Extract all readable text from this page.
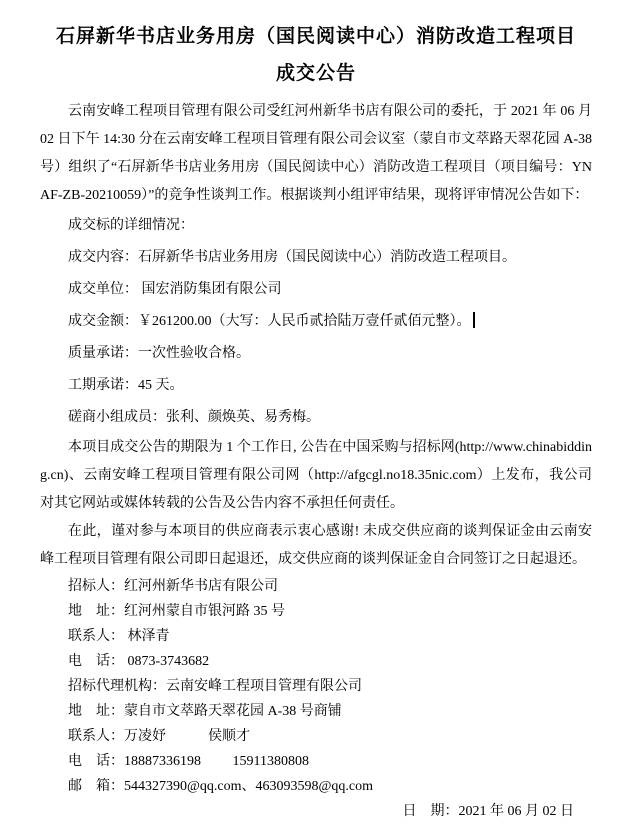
石屏新华书店业务用房（国民阅读中心）消防改造工程项目
成交公告

云南安峰工程项目管理有限公司受红河州新华书店有限公司的委托，于 2021 年 06 月 02 日下午 14:30 分在云南安峰工程项目管理有限公司会议室（蒙自市文萃路天翠花园 A-38 号）组织了“石屏新华书店业务用房（国民阅读中心）消防改造工程项目（项目编号：YNAF-ZB-20210059）”的竞争性谈判工作。根据谈判小组评审结果，现将评审情况公告如下：

成交标的详细情况：

成交内容：石屏新华书店业务用房（国民阅读中心）消防改造工程项目。

成交单位： 国宏消防集团有限公司

成交金额：￥261200.00（大写：人民币贰拾陆万壹仟贰佰元整）。

质量承诺：一次性验收合格。

工期承诺：45 天。

磋商小组成员：张利、颜焕英、易秀梅。

本项目成交公告的期限为 1 个工作日, 公告在中国采购与招标网(http://www.chinabidding.cn)、云南安峰工程项目管理有限公司网（http://afgcgl.no18.35nic.com）上发布，我公司对其它网站或媒体转载的公告及公告内容不承担任何责任。

在此，谨对参与本项目的供应商表示衷心感谢! 未成交供应商的谈判保证金由云南安峰工程项目管理有限公司即日起退还，成交供应商的谈判保证金自合同签订之日起退还。

招标人：红河州新华书店有限公司

地　址：红河州蒙自市银河路 35 号

联系人： 林泽青

电　话： 0873-3743682

招标代理机构：云南安峰工程项目管理有限公司

地　址：蒙自市文萃路天翠花园 A-38 号商铺

联系人：万凌妤　　　侯顺才

电　话：18887336198　　 15911380808

邮　箱：544327390@qq.com、463093598@qq.com

日　期：2021 年 06 月 02 日
